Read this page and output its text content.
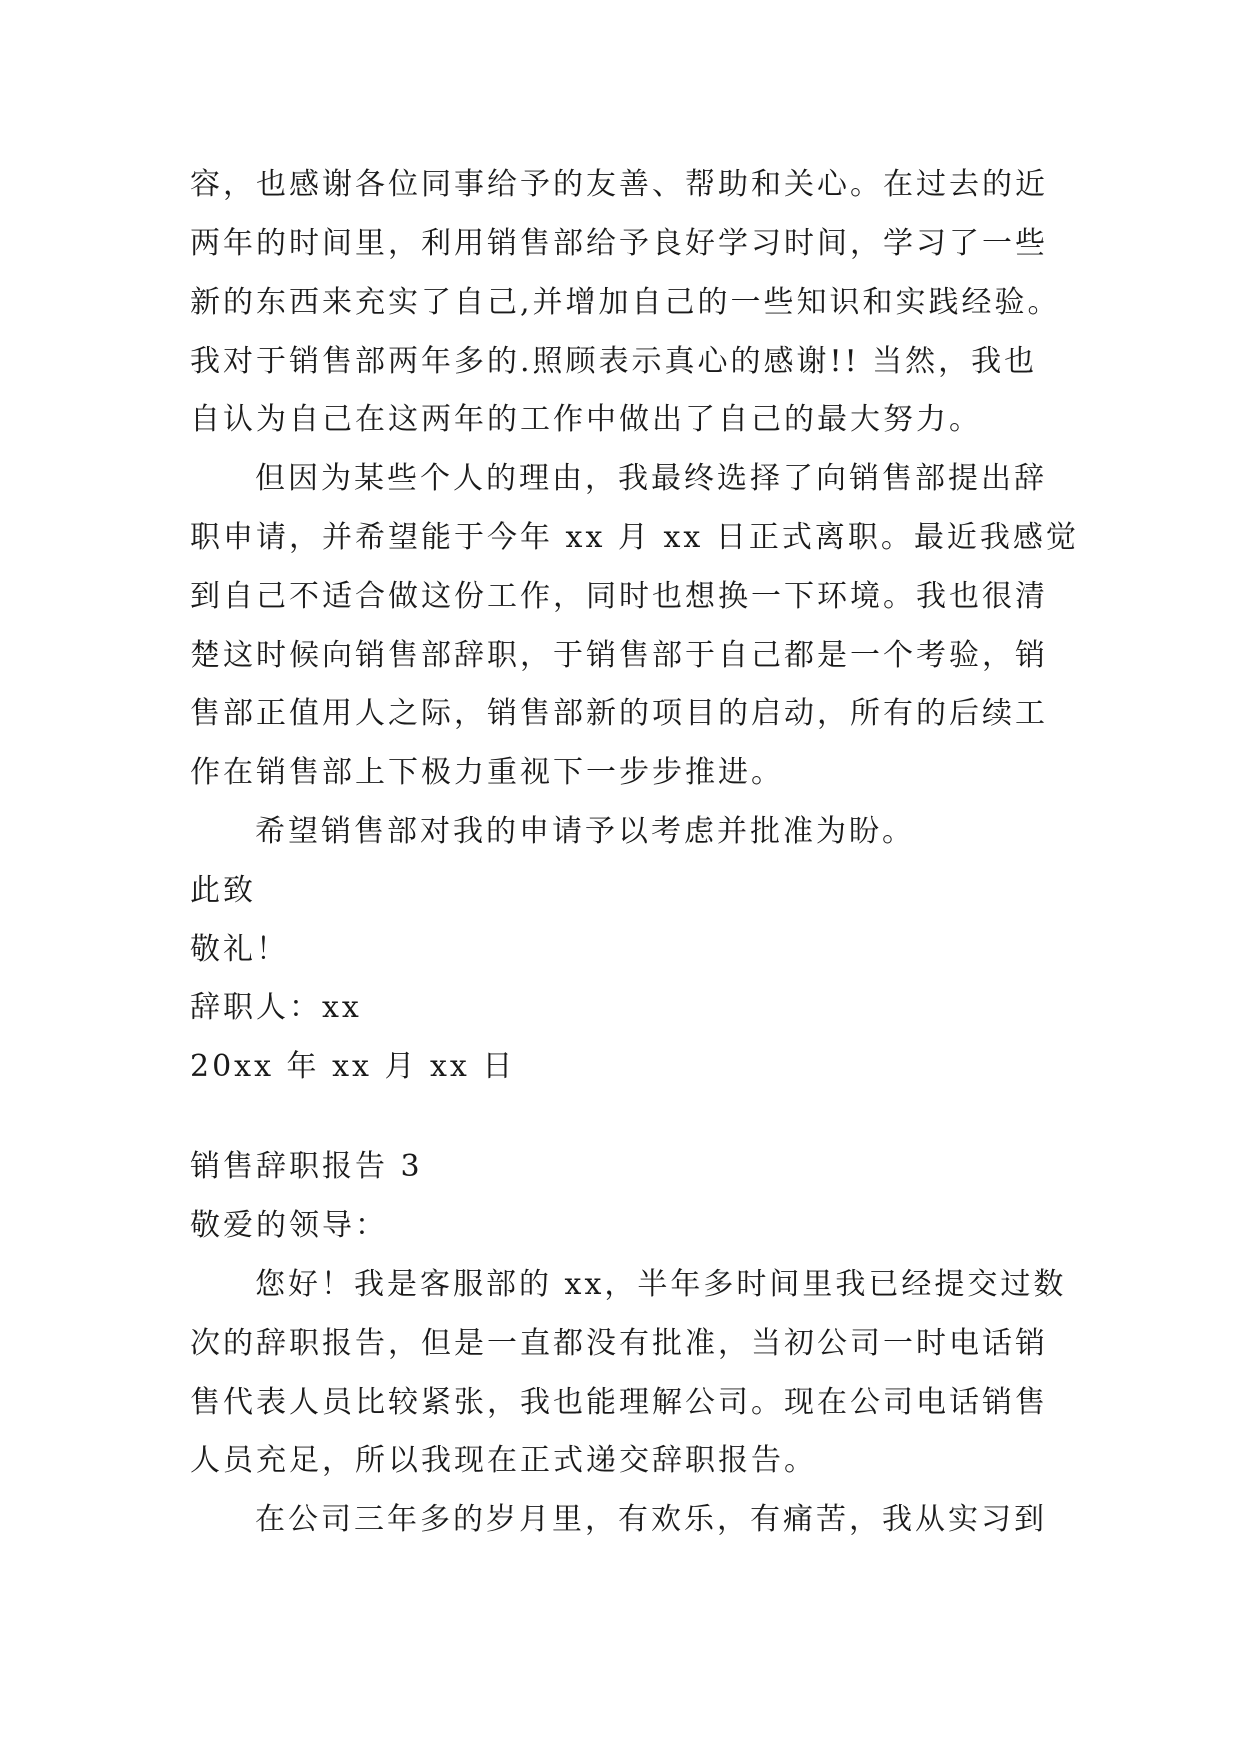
容，也感谢各位同事给予的友善、帮助和关心。在过去的近
两年的时间里，利用销售部给予良好学习时间，学习了一些
新的东西来充实了自己,并增加自己的一些知识和实践经验。
我对于销售部两年多的.照顾表示真心的感谢!! 当然，我也
自认为自己在这两年的工作中做出了自己的最大努力。
但因为某些个人的理由，我最终选择了向销售部提出辞
职申请，并希望能于今年 xx 月 xx 日正式离职。最近我感觉
到自己不适合做这份工作，同时也想换一下环境。我也很清
楚这时候向销售部辞职，于销售部于自己都是一个考验，销
售部正值用人之际，销售部新的项目的启动，所有的后续工
作在销售部上下极力重视下一步步推进。
希望销售部对我的申请予以考虑并批准为盼。
此致
敬礼！
辞职人：xx
20xx 年 xx 月 xx 日
销售辞职报告 3
敬爱的领导：
您好！我是客服部的 xx，半年多时间里我已经提交过数
次的辞职报告，但是一直都没有批准，当初公司一时电话销
售代表人员比较紧张，我也能理解公司。现在公司电话销售
人员充足，所以我现在正式递交辞职报告。
在公司三年多的岁月里，有欢乐，有痛苦，我从实习到
